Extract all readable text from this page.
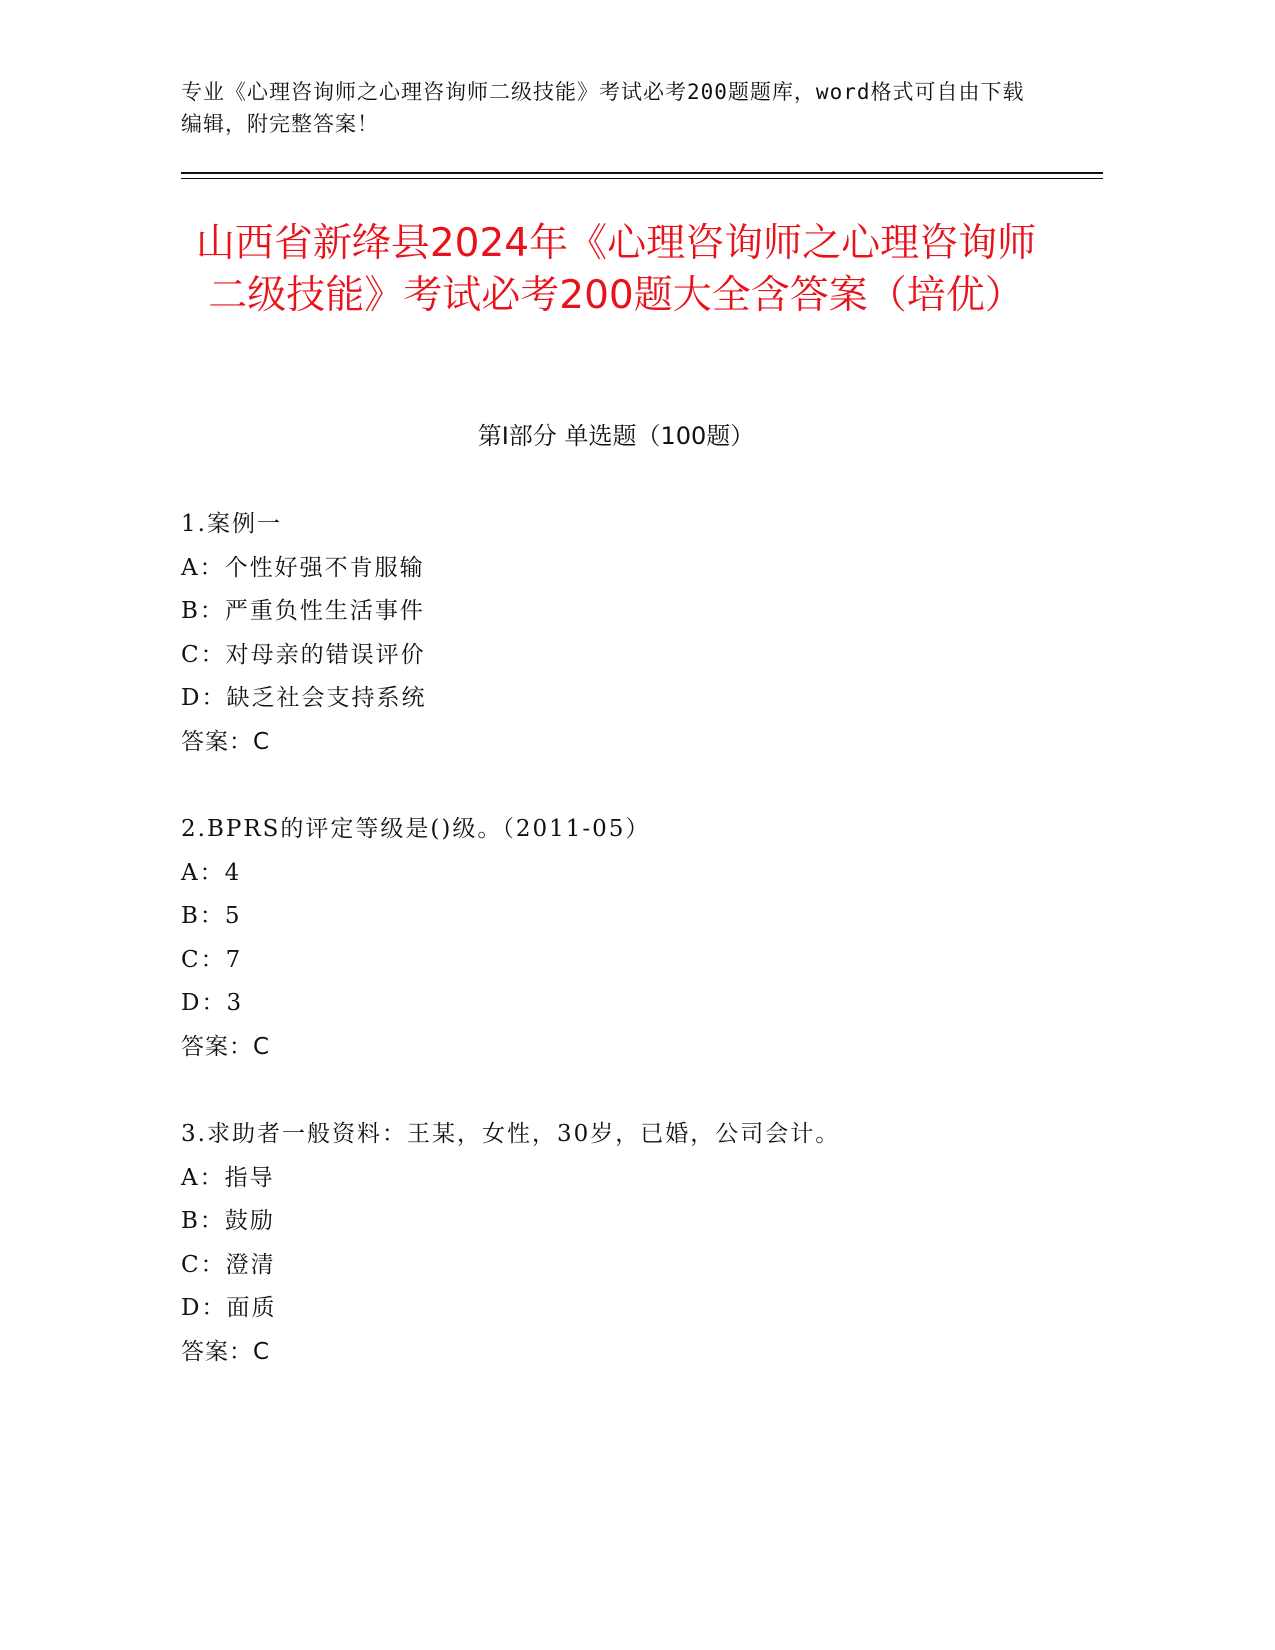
专业《心理咨询师之心理咨询师二级技能》考试必考200题题库，word格式可自由下载编辑，附完整答案！
山西省新绛县2024年《心理咨询师之心理咨询师二级技能》考试必考200题大全含答案（培优）
第I部分 单选题（100题）
1.案例一
A：个性好强不肯服输
B：严重负性生活事件
C：对母亲的错误评价
D：缺乏社会支持系统
答案：C
2.BPRS的评定等级是()级。（2011-05）
A：4
B：5
C：7
D：3
答案：C
3.求助者一般资料：王某，女性，30岁，已婚，公司会计。
A：指导
B：鼓励
C：澄清
D：面质
答案：C
